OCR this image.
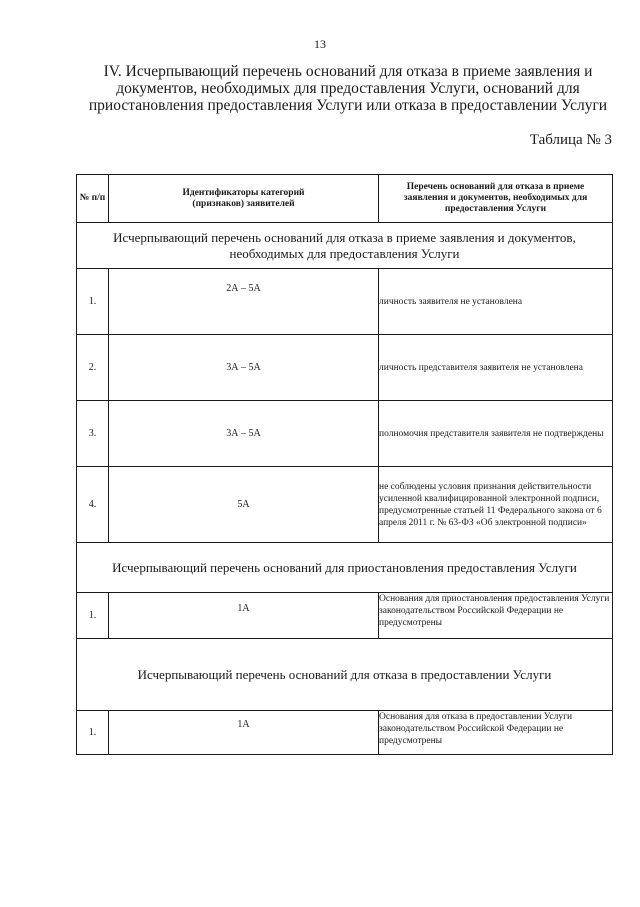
13
IV. Исчерпывающий перечень оснований для отказа в приеме заявления и документов, необходимых для предоставления Услуги, оснований для приостановления предоставления Услуги или отказа в предоставлении Услуги
Таблица № 3
№ п/п	Идентификаторы категорий (признаков) заявителей	Перечень оснований для отказа в приеме заявления и документов, необходимых для предоставления Услуги
Исчерпывающий перечень оснований для отказа в приеме заявления и документов, необходимых для предоставления Услуги		
1.	2А – 5А	личность заявителя не установлена
2.	3А – 5А	личность представителя заявителя не установлена
3.	3А – 5А	полномочия представителя заявителя не подтверждены
4.	5А	не соблюдены условия признания действительности усиленной квалифицированной электронной подписи, предусмотренные статьей 11 Федерального закона от 6 апреля 2011 г. № 63-ФЗ «Об электронной подписи»
Исчерпывающий перечень оснований для приостановления предоставления Услуги		
1.	1А	Основания для приостановления предоставления Услуги законодательством Российской Федерации не предусмотрены
Исчерпывающий перечень оснований для отказа в предоставлении Услуги		
1.	1А	Основания для отказа в предоставлении Услуги законодательством Российской Федерации не предусмотрены
